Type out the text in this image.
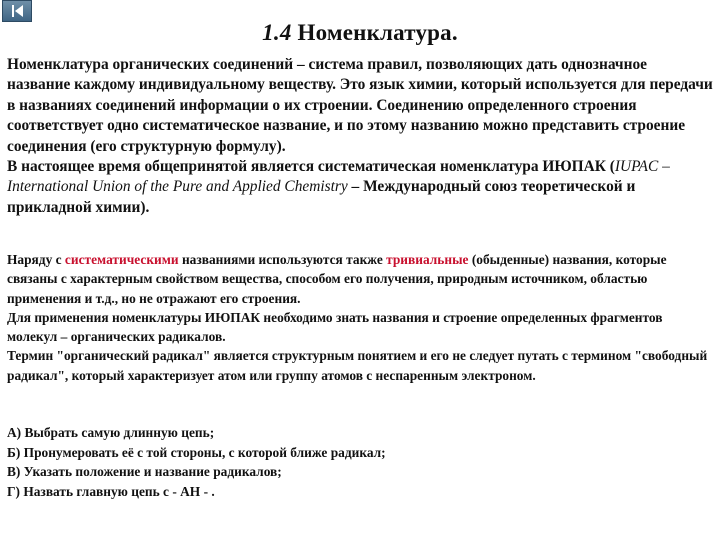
1.4 Номенклатура.

Номенклатура органических соединений – система правил, позволяющих дать однозначное название каждому индивидуальному веществу. Это язык химии, который используется для передачи в названиях соединений информации о их строении. Соединению определенного строения соответствует одно систематическое название, и по этому названию можно представить строение соединения (его структурную формулу).
В настоящее время общепринятой является систематическая номенклатура ИЮПАК (IUPAC – International Union of the Pure and Applied Chemistry – Международный союз теоретической и прикладной химии).

Наряду с систематическими названиями используются также тривиальные (обыденные) названия, которые связаны с характерным свойством вещества, способом его получения, природным источником, областью применения и т.д., но не отражают его строения.
Для применения номенклатуры ИЮПАК необходимо знать названия и строение определенных фрагментов молекул – органических радикалов.
Термин "органический радикал" является структурным понятием и его не следует путать с термином "свободный радикал", который характеризует атом или группу атомов с неспаренным электроном.

А) Выбрать самую длинную цепь;
Б) Пронумеровать её с той стороны, с которой ближе радикал;
В) Указать положение и название радикалов;
Г) Назвать главную цепь с - АН - .
